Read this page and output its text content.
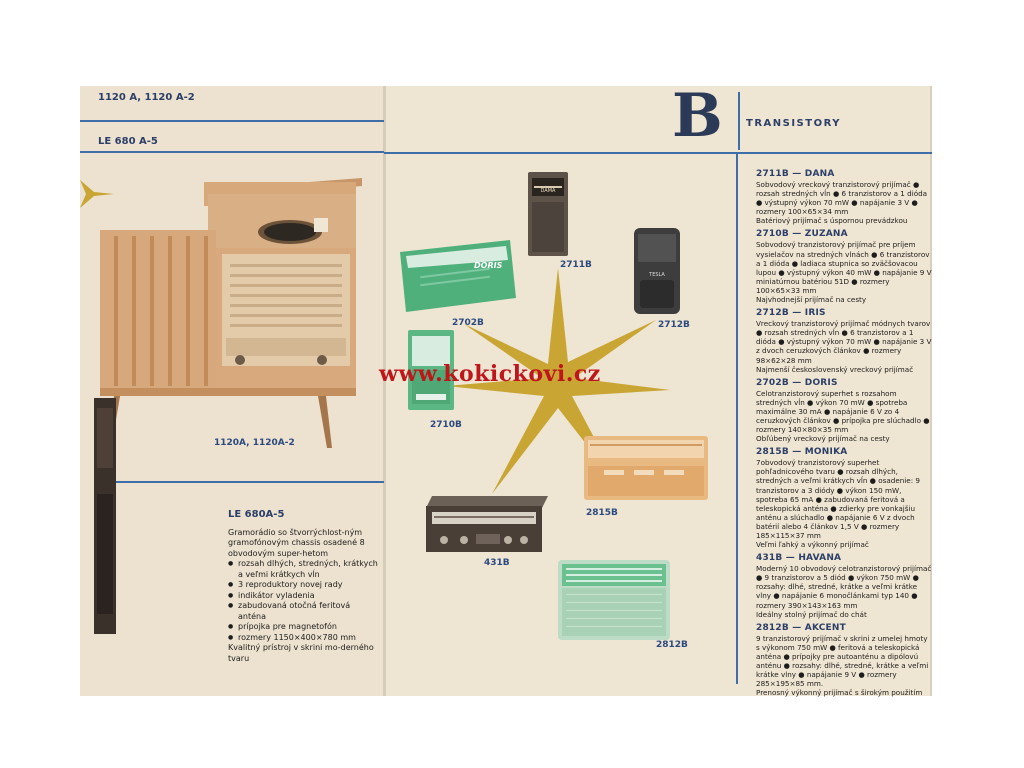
1120 A, 1120 A-2
LE 680 A-5
1120A, 1120A-2
LE 680A-5
Gramorádio so štvorrýchlost-ným gramofónovým chassis osadené 8 obvodovým super-hetom
● rozsah dlhých, stredných, krátkych a veľmi krátkych vĺn
● 3 reproduktory novej rady
● indikátor vyladenia
● zabudovaná otočná feritová anténa
● prípojka pre magnetofón
● rozmery 1150×400×780 mm
Kvalitný prístroj v skrini mo-derného tvaru
B TRANSISTORY
DAMA
2711B
DORIS
2702B
TESLA
2712B
2710B
2815B
431B
2812B
2711B — DANA
Sobvodový vreckový tranzistorový prijímač ● rozsah stredných vĺn ● 6 tranzistorov a 1 dióda ● výstupný výkon 70 mW ● napájanie 3 V ● rozmery 100×65×34 mm
Batériový prijímač s úspornou prevádzkou
2710B — ZUZANA
Sobvodový tranzistorový prijímač pre príjem vysielačov na stredných vlnách ● 6 tranzistorov a 1 dióda ● ladiaca stupnica so zväčšovacou lupou ● výstupný výkon 40 mW ● napájanie 9 V miniatúrnou batériou 51D ● rozmery 100×65×33 mm
Najvhodnejší prijímač na cesty
2712B — IRIS
Vreckový tranzistorový prijímač módnych tvarov ● rozsah stredných vĺn ● 6 tranzistorov a 1 dióda ● výstupný výkon 70 mW ● napájanie 3 V z dvoch ceruzkových článkov ● rozmery 98×62×28 mm
Najmenší československý vreckový prijímač
2702B — DORIS
Celotranzistorový superhet s rozsahom stredných vĺn ● výkon 70 mW ● spotreba maximálne 30 mA ● napájanie 6 V zo 4 ceruzkových článkov ● prípojka pre slúchadlo ● rozmery 140×80×35 mm
Obľúbený vreckový prijímač na cesty
2815B — MONIKA
7obvodový tranzistorový superhet pohľadnicového tvaru ● rozsah dlhých, stredných a veľmi krátkych vĺn ● osadenie: 9 tranzistorov a 3 diódy ● výkon 150 mW, spotreba 65 mA ● zabudovaná feritová a teleskopická anténa ● zdierky pre vonkajšiu anténu a slúchadlo ● napájanie 6 V z dvoch batérií alebo 4 článkov 1,5 V ● rozmery 185×115×37 mm
Veľmi ľahký a výkonný prijímač
431B — HAVANA
Moderný 10 obvodový celotranzistorový prijímač ● 9 tranzistorov a 5 diód ● výkon 750 mW ● rozsahy: dlhé, stredné, krátke a veľmi krátke vlny ● napájanie 6 monočlánkami typ 140 ● rozmery 390×143×163 mm
Ideálny stolný prijímač do chát
2812B — AKCENT
9 tranzistorový prijímač v skrini z umelej hmoty s výkonom 750 mW ● feritová a teleskopická anténa ● prípojky pre autoanténu a dipólovú anténu ● rozsahy: dlhé, stredné, krátke a veľmi krátke vlny ● napájanie 9 V ● rozmery 285×195×85 mm.
Prenosný výkonný prijímač s širokým použitím
www.kokickovi.cz
